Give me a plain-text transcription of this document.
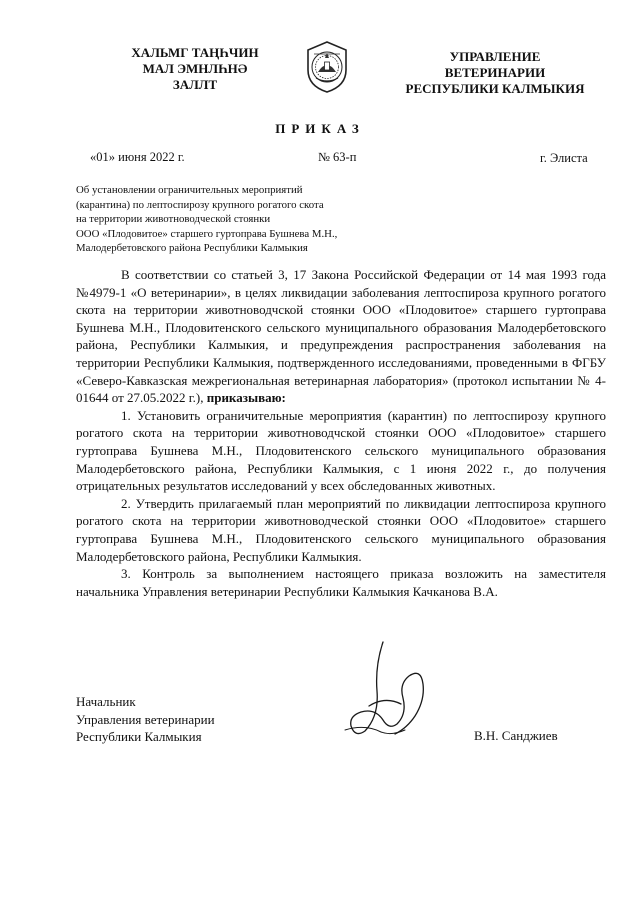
ХАЛЬМГ ТАҢҺЧИН
МАЛ ЭМНЛҺНӘ
ЗАЛЛТ
УПРАВЛЕНИЕ
ВЕТЕРИНАРИИ
РЕСПУБЛИКИ КАЛМЫКИЯ
ПРИКАЗ
«01» июня 2022 г.	№ 63-п	г. Элиста
Об установлении ограничительных мероприятий
(карантина) по лептоспирозу крупного рогатого скота
на территории животноводческой стоянки
ООО «Плодовитое» старшего гуртоправа Бушнева М.Н.,
Малодербетовского района Республики Калмыкия

В соответствии со статьей 3, 17 Закона Российской Федерации от 14 мая 1993 года №4979-1 «О ветеринарии», в целях ликвидации заболевания лептоспироза крупного рогатого скота на территории животноводчской стоянки ООО «Плодовитое» старшего гуртоправа Бушнева М.Н., Плодовитенского сельского муниципального образования Малодербетовского района, Республики Калмыкия, и предупреждения распространения заболевания на территории Республики Калмыкия, подтвержденного исследованиями, проведенными в ФГБУ «Северо-Кавказская межрегиональная ветеринарная лаборатория» (протокол испытании № 4-01644 от 27.05.2022 г.), приказываю:

1. Установить ограничительные мероприятия (карантин) по лептоспирозу крупного рогатого скота на территории животноводчской стоянки ООО «Плодовитое» старшего гуртоправа Бушнева М.Н., Плодовитенского сельского муниципального образования Малодербетовского района, Республики Калмыкия, с 1 июня 2022 г., до получения отрицательных результатов исследований у всех обследованных животных.

2. Утвердить прилагаемый план мероприятий по ликвидации лептоспироза крупного рогатого скота на территории животноводческой стоянки ООО «Плодовитое» старшего гуртоправа Бушнева М.Н., Плодовитенского сельского муниципального образования Малодербетовского района, Республики Калмыкия.

3. Контроль за выполнением настоящего приказа возложить на заместителя начальника Управления ветеринарии Республики Калмыкия Качканова В.А.

Начальник
Управления ветеринарии
Республики Калмыкия	В.Н. Санджиев
